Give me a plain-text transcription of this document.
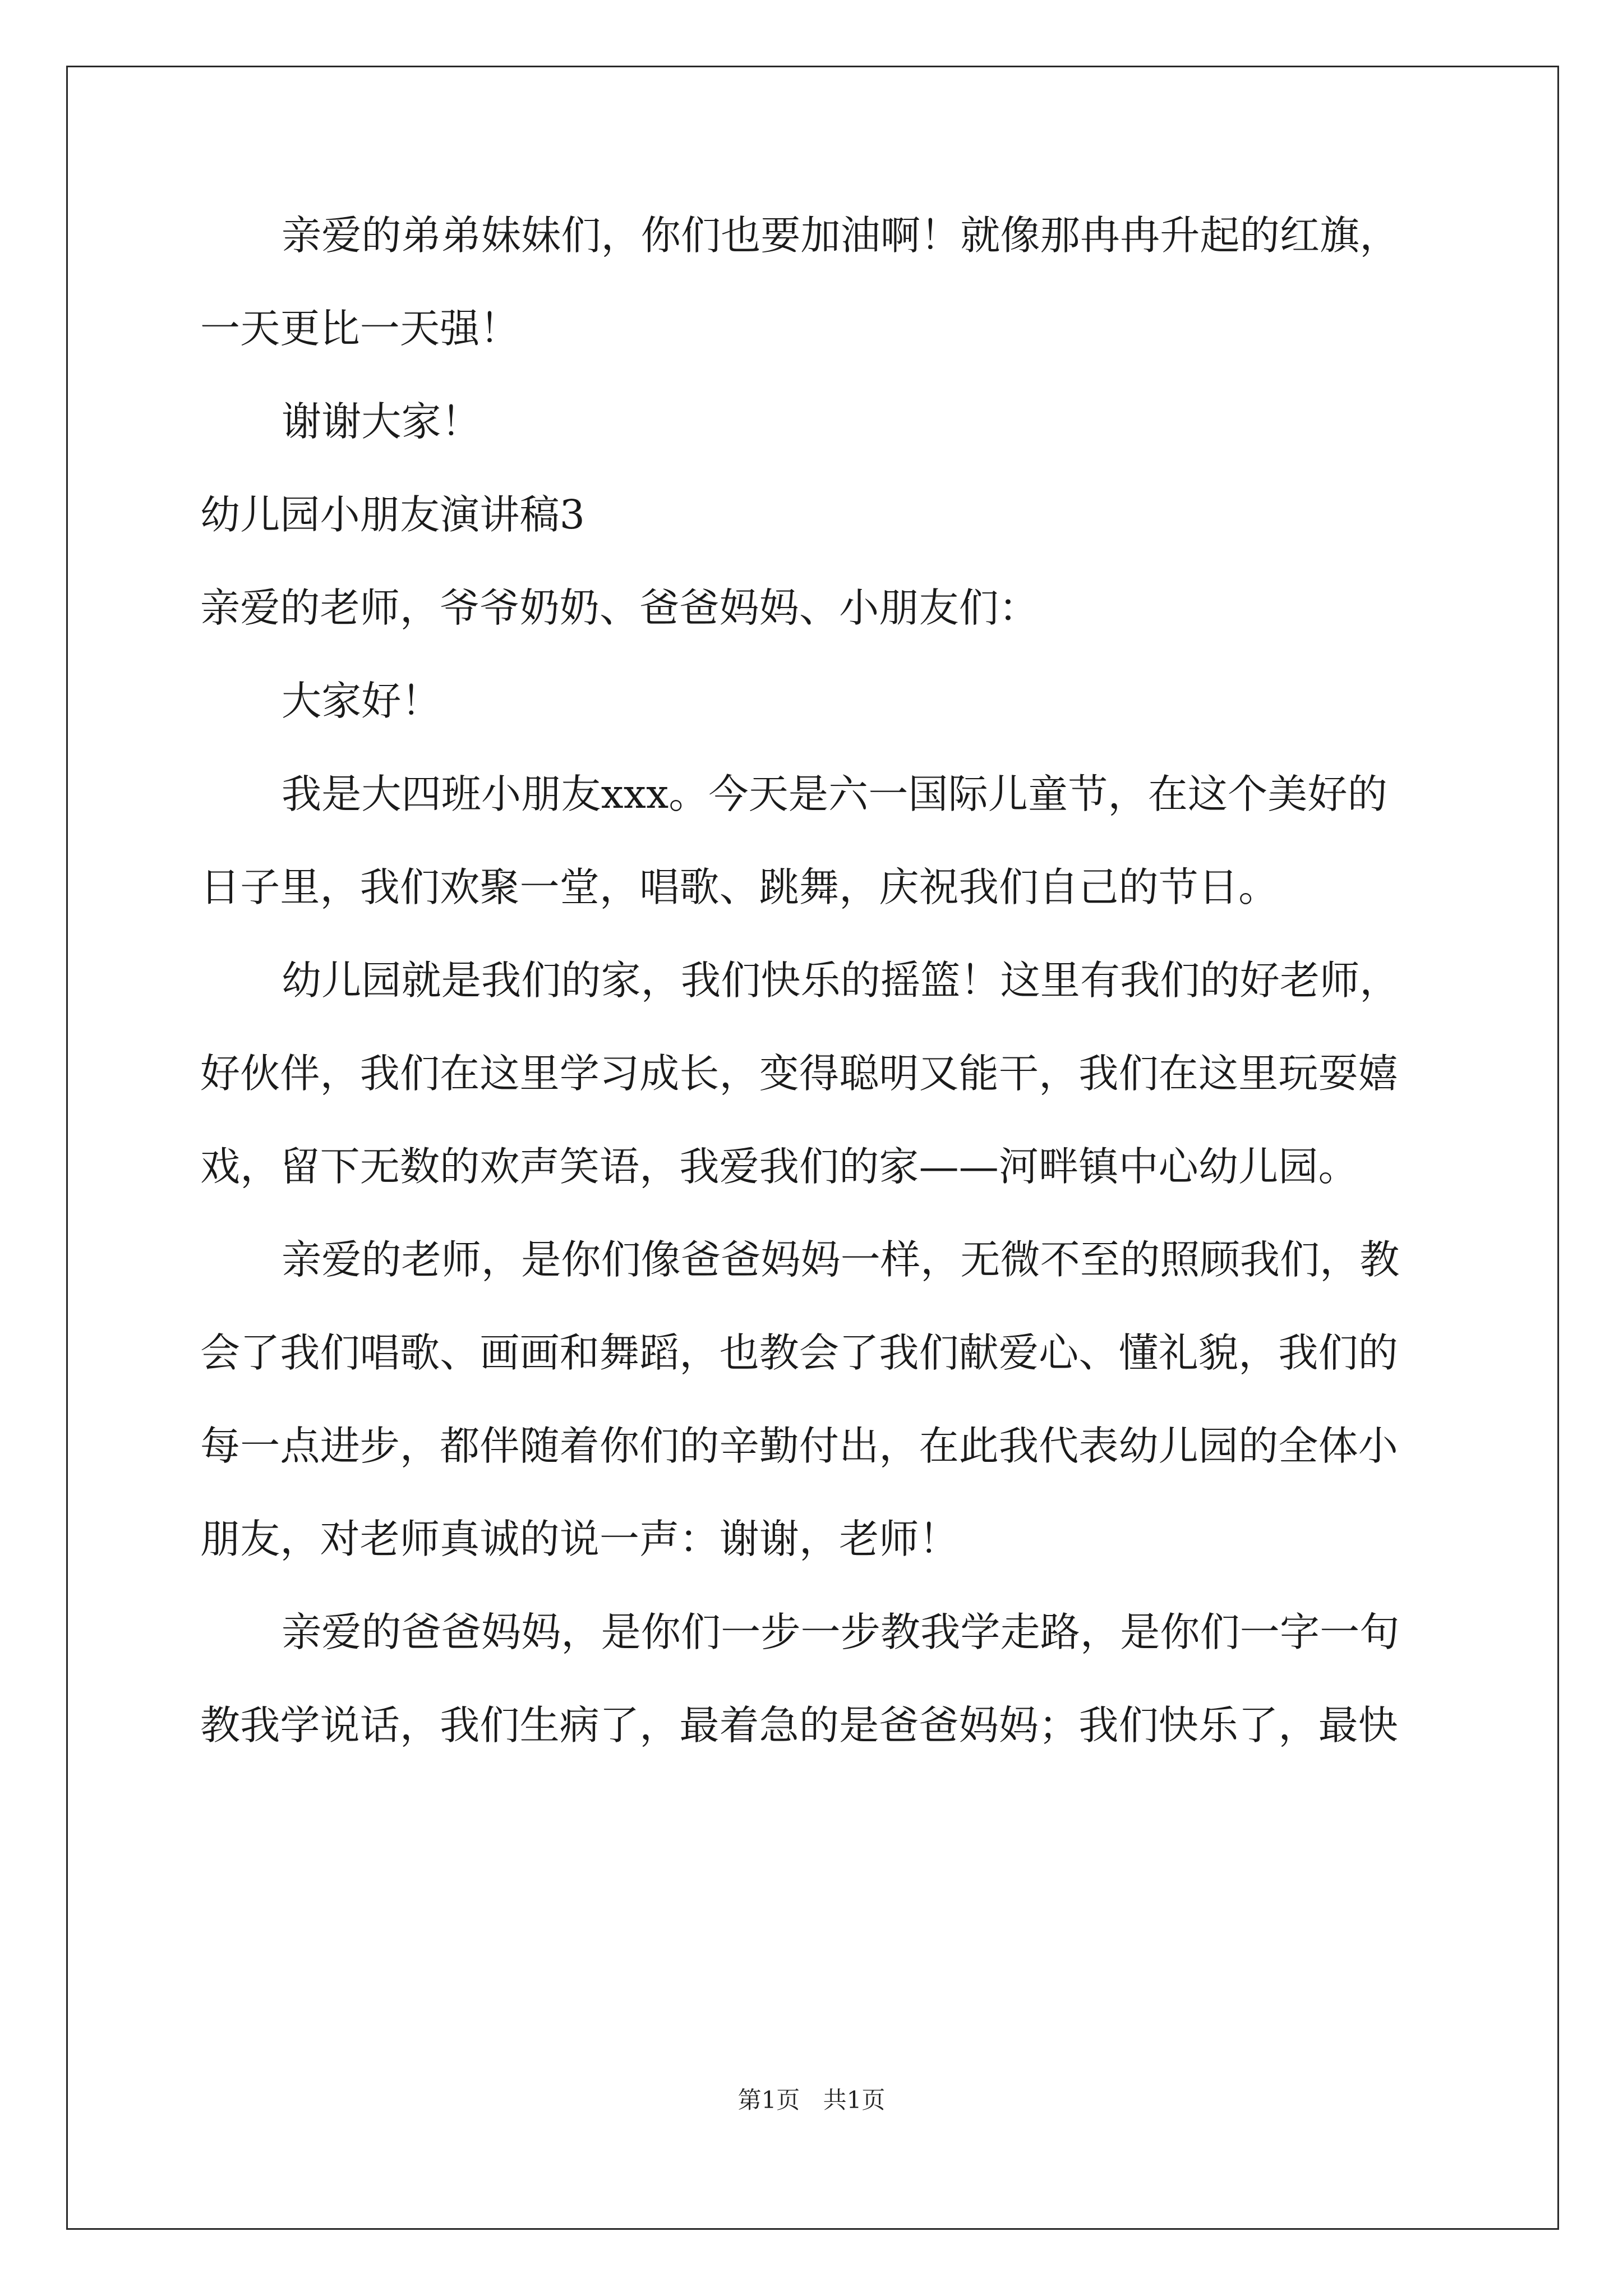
亲爱的弟弟妹妹们，你们也要加油啊！就像那冉冉升起的红旗，
一天更比一天强！
谢谢大家！
幼儿园小朋友演讲稿3
亲爱的老师，爷爷奶奶、爸爸妈妈、小朋友们：
大家好！
我是大四班小朋友xxx。今天是六一国际儿童节，在这个美好的
日子里，我们欢聚一堂，唱歌、跳舞，庆祝我们自己的节日。
幼儿园就是我们的家，我们快乐的摇篮！这里有我们的好老师，
好伙伴，我们在这里学习成长，变得聪明又能干，我们在这里玩耍嬉
戏，留下无数的欢声笑语，我爱我们的家——河畔镇中心幼儿园。
亲爱的老师，是你们像爸爸妈妈一样，无微不至的照顾我们，教
会了我们唱歌、画画和舞蹈，也教会了我们献爱心、懂礼貌，我们的
每一点进步，都伴随着你们的辛勤付出，在此我代表幼儿园的全体小
朋友，对老师真诚的说一声：谢谢，老师！
亲爱的爸爸妈妈，是你们一步一步教我学走路，是你们一字一句
教我学说话，我们生病了，最着急的是爸爸妈妈；我们快乐了，最快
第1页 共1页
